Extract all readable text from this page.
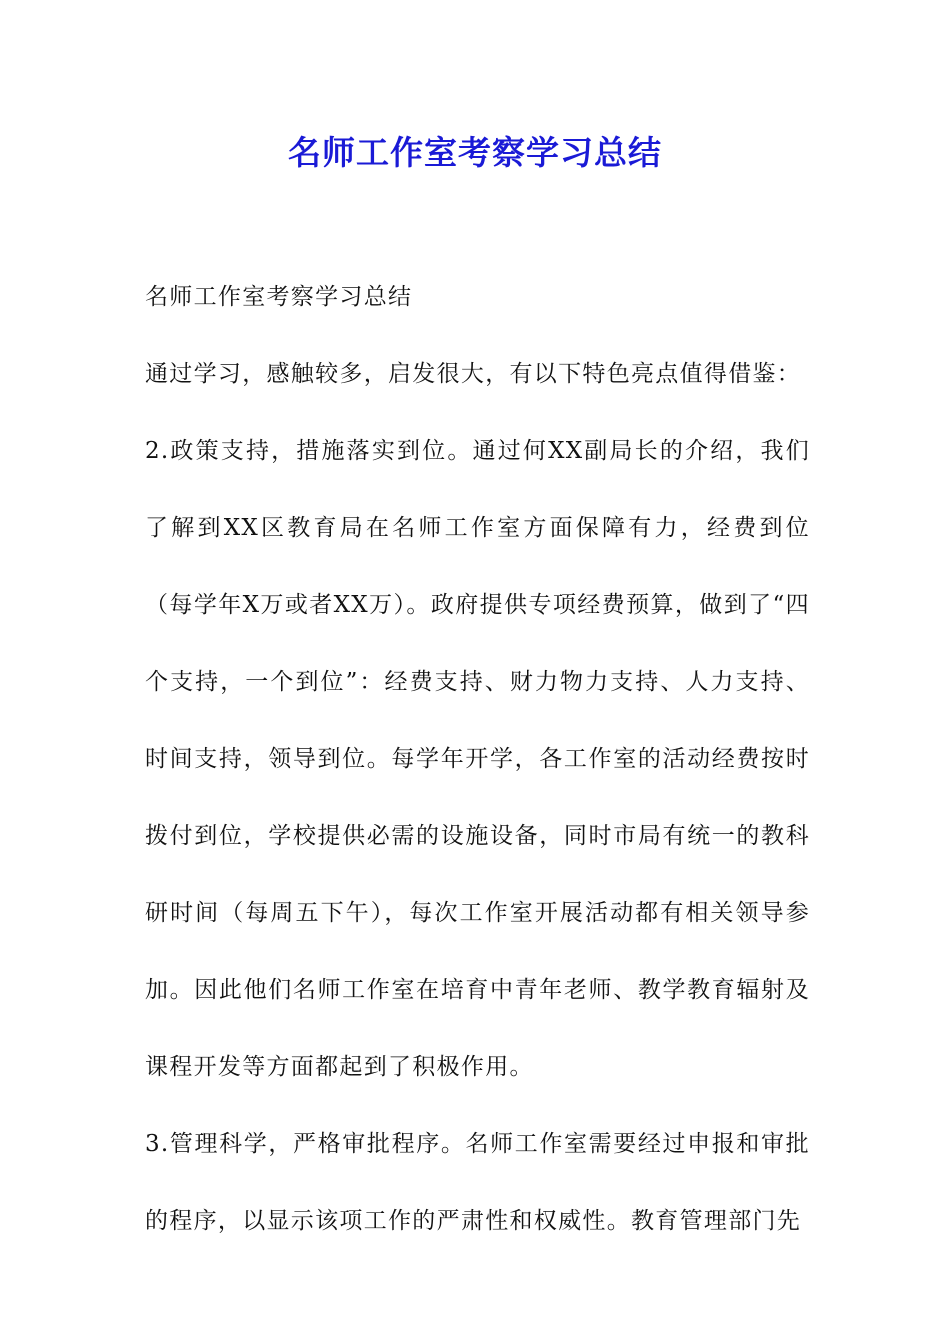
名师工作室考察学习总结

名师工作室考察学习总结

通过学习，感触较多，启发很大，有以下特色亮点值得借鉴：

2.政策支持，措施落实到位。通过何XX副局长的介绍，我们了解到XX区教育局在名师工作室方面保障有力，经费到位（每学年X万或者XX万）。政府提供专项经费预算，做到了“四个支持，一个到位”：经费支持、财力物力支持、人力支持、时间支持，领导到位。每学年开学，各工作室的活动经费按时拨付到位，学校提供必需的设施设备，同时市局有统一的教科研时间（每周五下午），每次工作室开展活动都有相关领导参加。因此他们名师工作室在培育中青年老师、教学教育辐射及课程开发等方面都起到了积极作用。

3.管理科学，严格审批程序。名师工作室需要经过申报和审批的程序，以显示该项工作的严肃性和权威性。教育管理部门先
